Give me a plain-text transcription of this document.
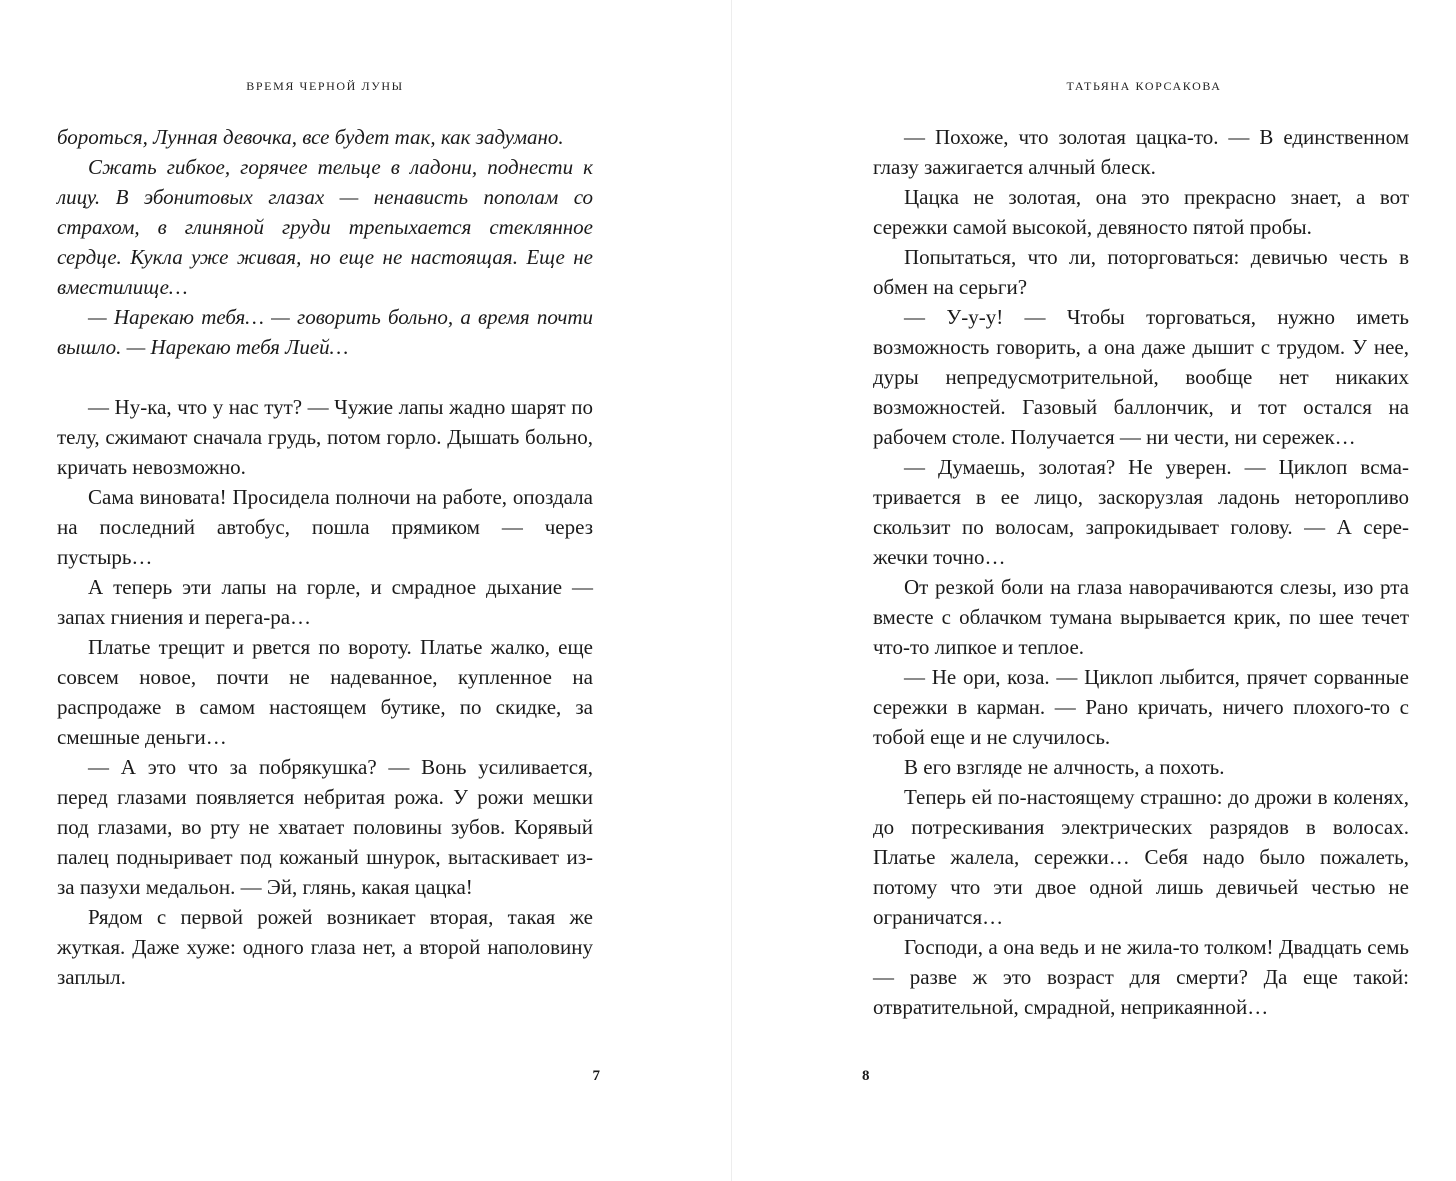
ВРЕМЯ ЧЕРНОЙ ЛУНЫ

бороться, Лунная девочка, все будет так, как задумано.

Сжать гибкое, горячее тельце в ладони, поднести к лицу. В эбонитовых глазах — ненависть пополам со страхом, в глиняной груди трепыхается стеклянное сердце. Кукла уже живая, но еще не настоящая. Еще не вместилище…

— Нарекаю тебя… — говорить больно, а время почти вышло. — Нарекаю тебя Лией…

— Ну-ка, что у нас тут? — Чужие лапы жадно шарят по телу, сжимают сначала грудь, потом горло. Дышать больно, кричать невозможно.

Сама виновата! Просидела полночи на работе, опоздала на последний автобус, пошла прямиком — через пустырь…

А теперь эти лапы на горле, и смрадное дыхание — запах гниения и перега-ра…

Платье трещит и рвется по вороту. Платье жалко, еще совсем новое, почти не надеванное, купленное на распродаже в самом настоящем бутике, по скидке, за смешные деньги…

— А это что за побрякушка? — Вонь усиливается, перед глазами появляется небритая рожа. У рожи мешки под глазами, во рту не хватает половины зубов. Корявый палец подныривает под кожаный шнурок, вытаскивает из-за пазухи медальон. — Эй, глянь, какая цацка!

Рядом с первой рожей возникает вторая, такая же жуткая. Даже хуже: одного глаза нет, а второй наполовину заплыл.

7
ТАТЬЯНА КОРСАКОВА

— Похоже, что золотая цацка-то. — В единственном глазу зажигается алчный блеск.

Цацка не золотая, она это прекрасно знает, а вот сережки самой высокой, девяносто пятой пробы.

Попытаться, что ли, поторговаться: девичью честь в обмен на серьги?

— У-у-у! — Чтобы торговаться, нужно иметь возможность говорить, а она даже дышит с трудом. У нее, дуры непредусмотрительной, вообще нет никаких возможностей. Газовый баллончик, и тот остался на рабочем столе. Получается — ни чести, ни сережек…

— Думаешь, золотая? Не уверен. — Циклоп всматривается в ее лицо, заскорузлая ладонь неторопливо скользит по волосам, запрокидывает голову. — А сережечки точно…

От резкой боли на глаза наворачиваются слезы, изо рта вместе с облачком тумана вырывается крик, по шее течет что-то липкое и теплое.

— Не ори, коза. — Циклоп лыбится, прячет сорванные сережки в карман. — Рано кричать, ничего плохого-то с тобой еще и не случилось.

В его взгляде не алчность, а похоть.

Теперь ей по-настоящему страшно: до дрожи в коленях, до потрескивания электрических разрядов в волосах. Платье жалела, сережки… Себя надо было пожалеть, потому что эти двое одной лишь девичьей честью не ограничатся…

Господи, а она ведь и не жила-то толком! Двадцать семь — разве ж это возраст для смерти? Да еще такой: отвратительной, смрадной, неприкаянной…

8
